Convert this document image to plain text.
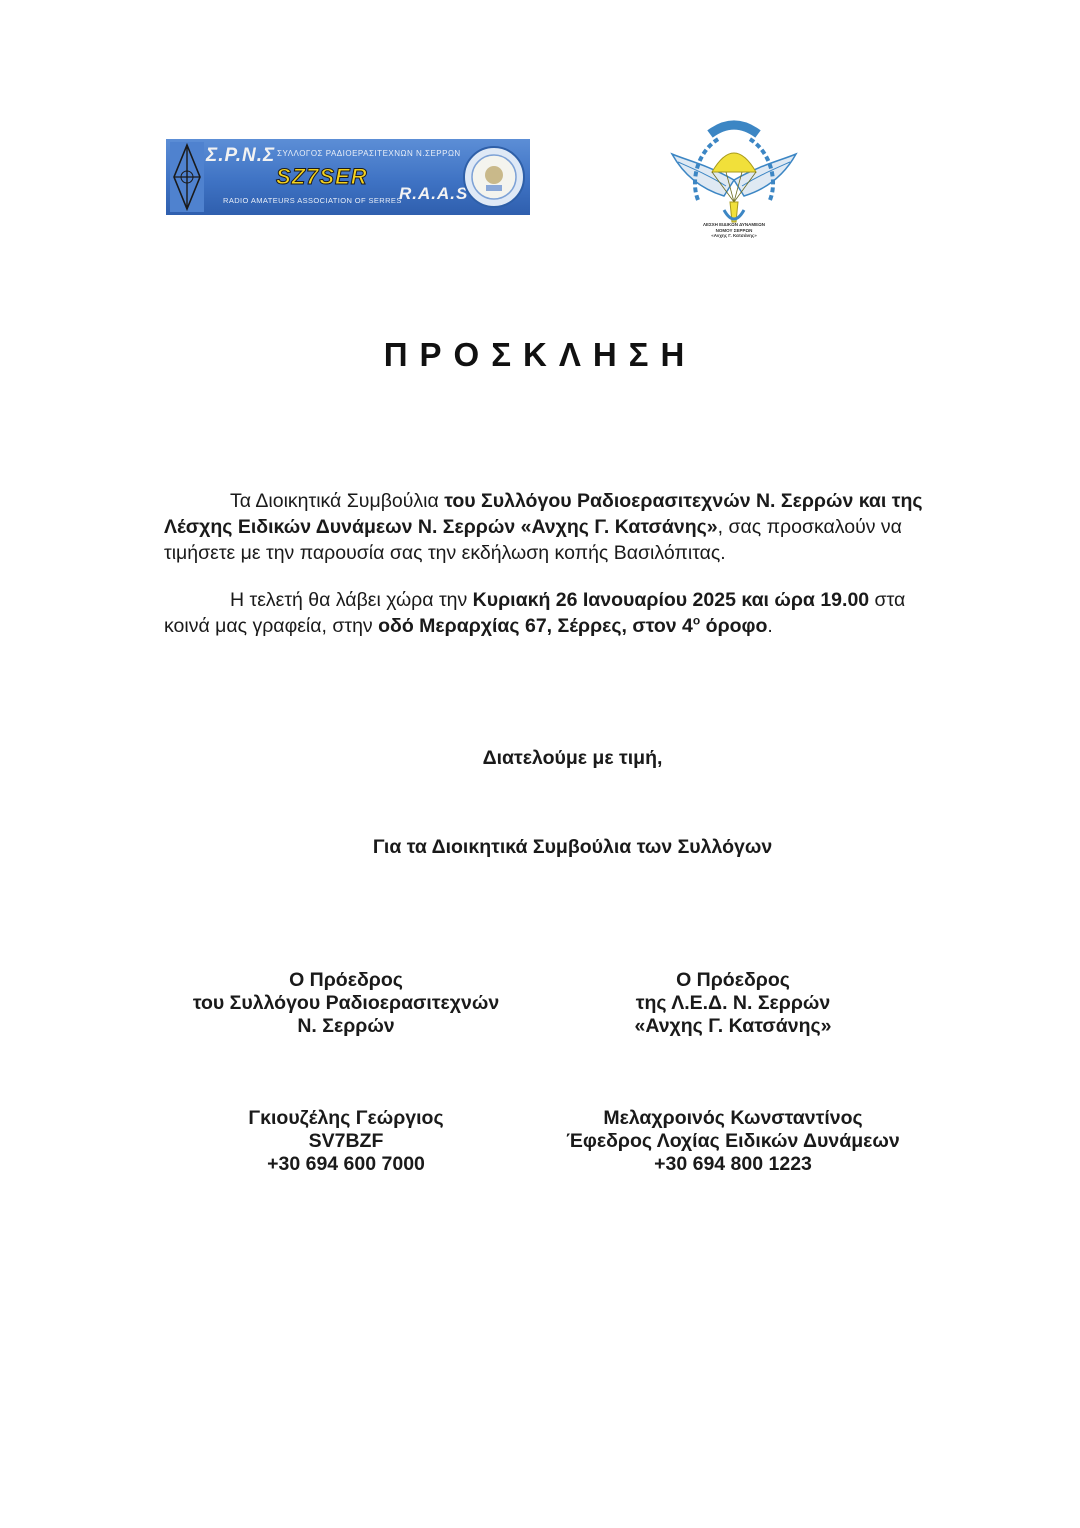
Σ.Ρ.Ν.Σ ΣΥΛΛΟΓΟΣ ΡΑΔΙΟΕΡΑΣΙΤΕΧΝΩΝ Ν.ΣΕΡΡΩΝ
SZ7SER
R.A.A.S
RADIO AMATEURS ASSOCIATION OF SERRES
ΛΕΣΧΗ ΕΙΔΙΚΩΝ ΔΥΝΑΜΕΩΝ
ΝΟΜΟΥ ΣΕΡΡΩΝ
«Ανχης Γ. Κατσάνης»
ΠΡΟΣΚΛΗΣΗ
Τα Διοικητικά Συμβούλια του Συλλόγου Ραδιοερασιτεχνών Ν. Σερρών και της Λέσχης Ειδικών Δυνάμεων Ν. Σερρών «Ανχης Γ. Κατσάνης», σας προσκαλούν να τιμήσετε με την παρουσία σας την εκδήλωση κοπής Βασιλόπιτας.
Η τελετή θα λάβει χώρα την Κυριακή 26 Ιανουαρίου 2025 και ώρα 19.00 στα κοινά μας γραφεία, στην οδό Μεραρχίας 67, Σέρρες, στον $4^o$ όροφο.
Διατελούμε με τιμή,
Για τα Διοικητικά Συμβούλια των Συλλόγων
Ο Πρόεδρος
του Συλλόγου Ραδιοερασιτεχνών
Ν. Σερρών
Γκιουζέλης Γεώργιος
SV7BZF
+30 694 600 7000
Ο Πρόεδρος
της Λ.Ε.Δ. Ν. Σερρών
«Ανχης Γ. Κατσάνης»
Μελαχροινός Κωνσταντίνος
Έφεδρος Λοχίας Ειδικών Δυνάμεων
+30 694 800 1223
